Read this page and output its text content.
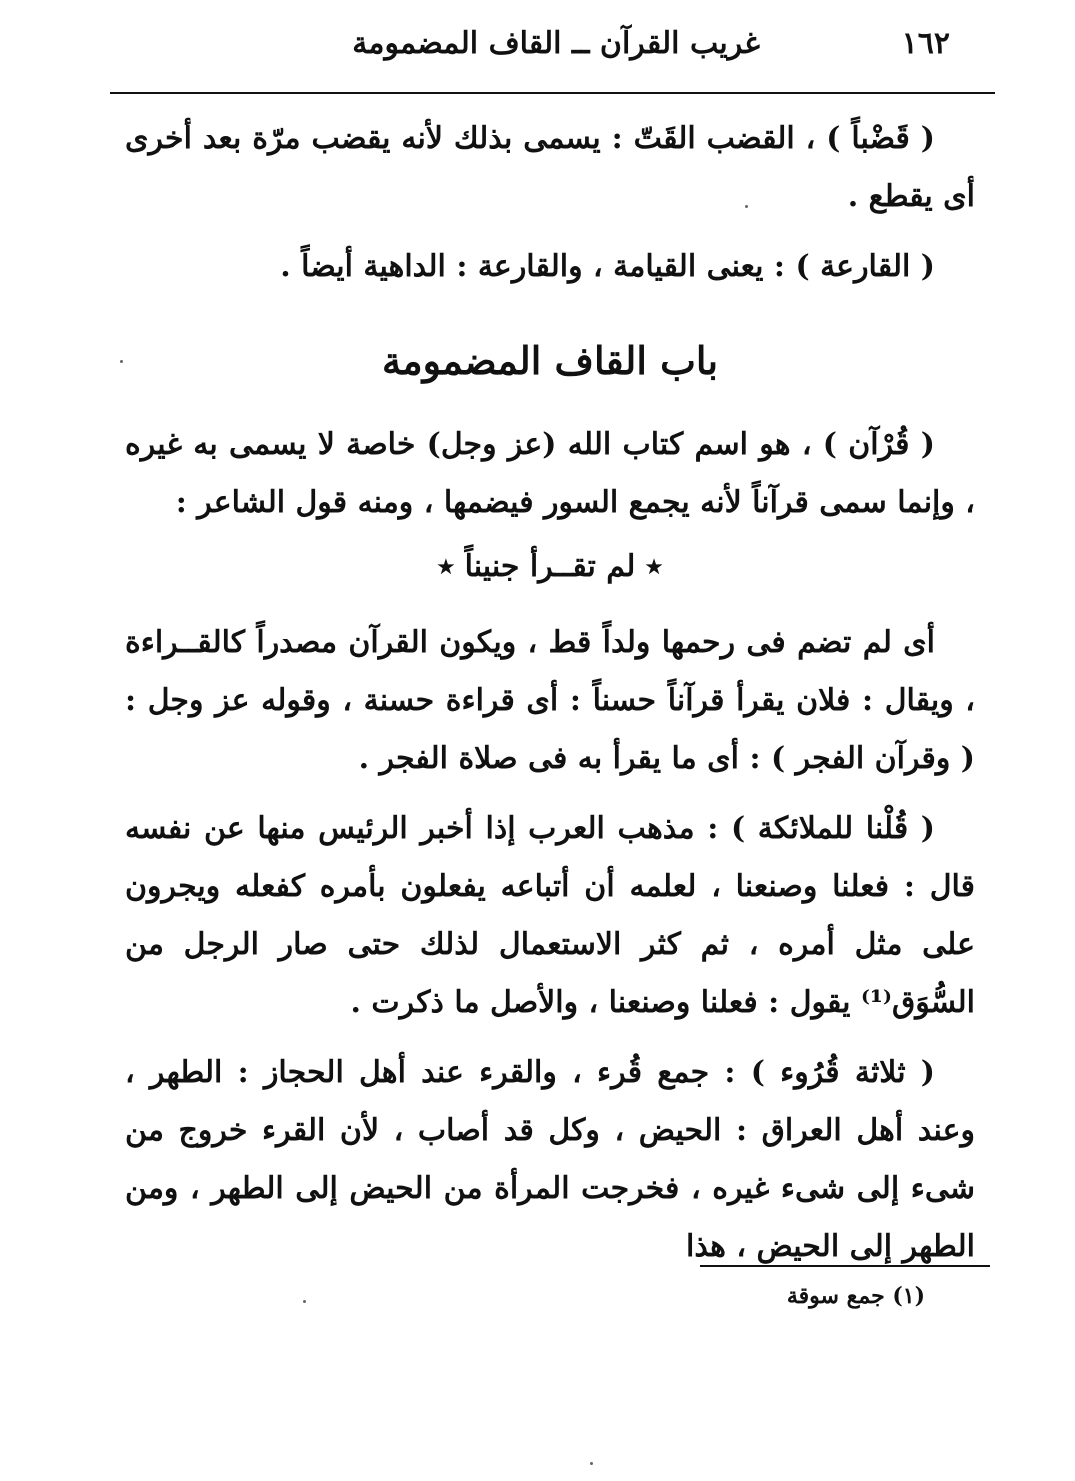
١٦٢
غريب القرآن ــ القاف المضمومة

( قَضْباً ) ، القضب القَتّ : يسمى بذلك لأنه يقضب مرّة بعد أخرى أى يقطع .

( القارعة ) : يعنى القيامة ، والقارعة : الداهية أيضاً .

باب القاف المضمومة

( قُرْآن ) ، هو اسم كتاب الله (عز وجل) خاصة لا يسمى به غيره ، وإنما سمى قرآناً لأنه يجمع السور فيضمها ، ومنه قول الشاعر :

٭ لم تقــرأ جنيناً ٭

أى لم تضم فى رحمها ولداً قط ، ويكون القرآن مصدراً كالقــراءة ، ويقال : فلان يقرأ قرآناً حسناً : أى قراءة حسنة ، وقوله عز وجل : ( وقرآن الفجر ) : أى ما يقرأ به فى صلاة الفجر .

( قُلْنا للملائكة ) : مذهب العرب إذا أخبر الرئيس منها عن نفسه قال : فعلنا وصنعنا ، لعلمه أن أتباعه يفعلون بأمره كفعله ويجرون على مثل أمره ، ثم كثر الاستعمال لذلك حتى صار الرجل من السُّوَق⁽¹⁾ يقول : فعلنا وصنعنا ، والأصل ما ذكرت .

( ثلاثة قُرُوء ) : جمع قُرء ، والقرء عند أهل الحجاز : الطهر ، وعند أهل العراق : الحيض ، وكل قد أصاب ، لأن القرء خروج من شىء إلى شىء غيره ، فخرجت المرأة من الحيض إلى الطهر ، ومن الطهر إلى الحيض ، هذا

(١) جمع سوقة
